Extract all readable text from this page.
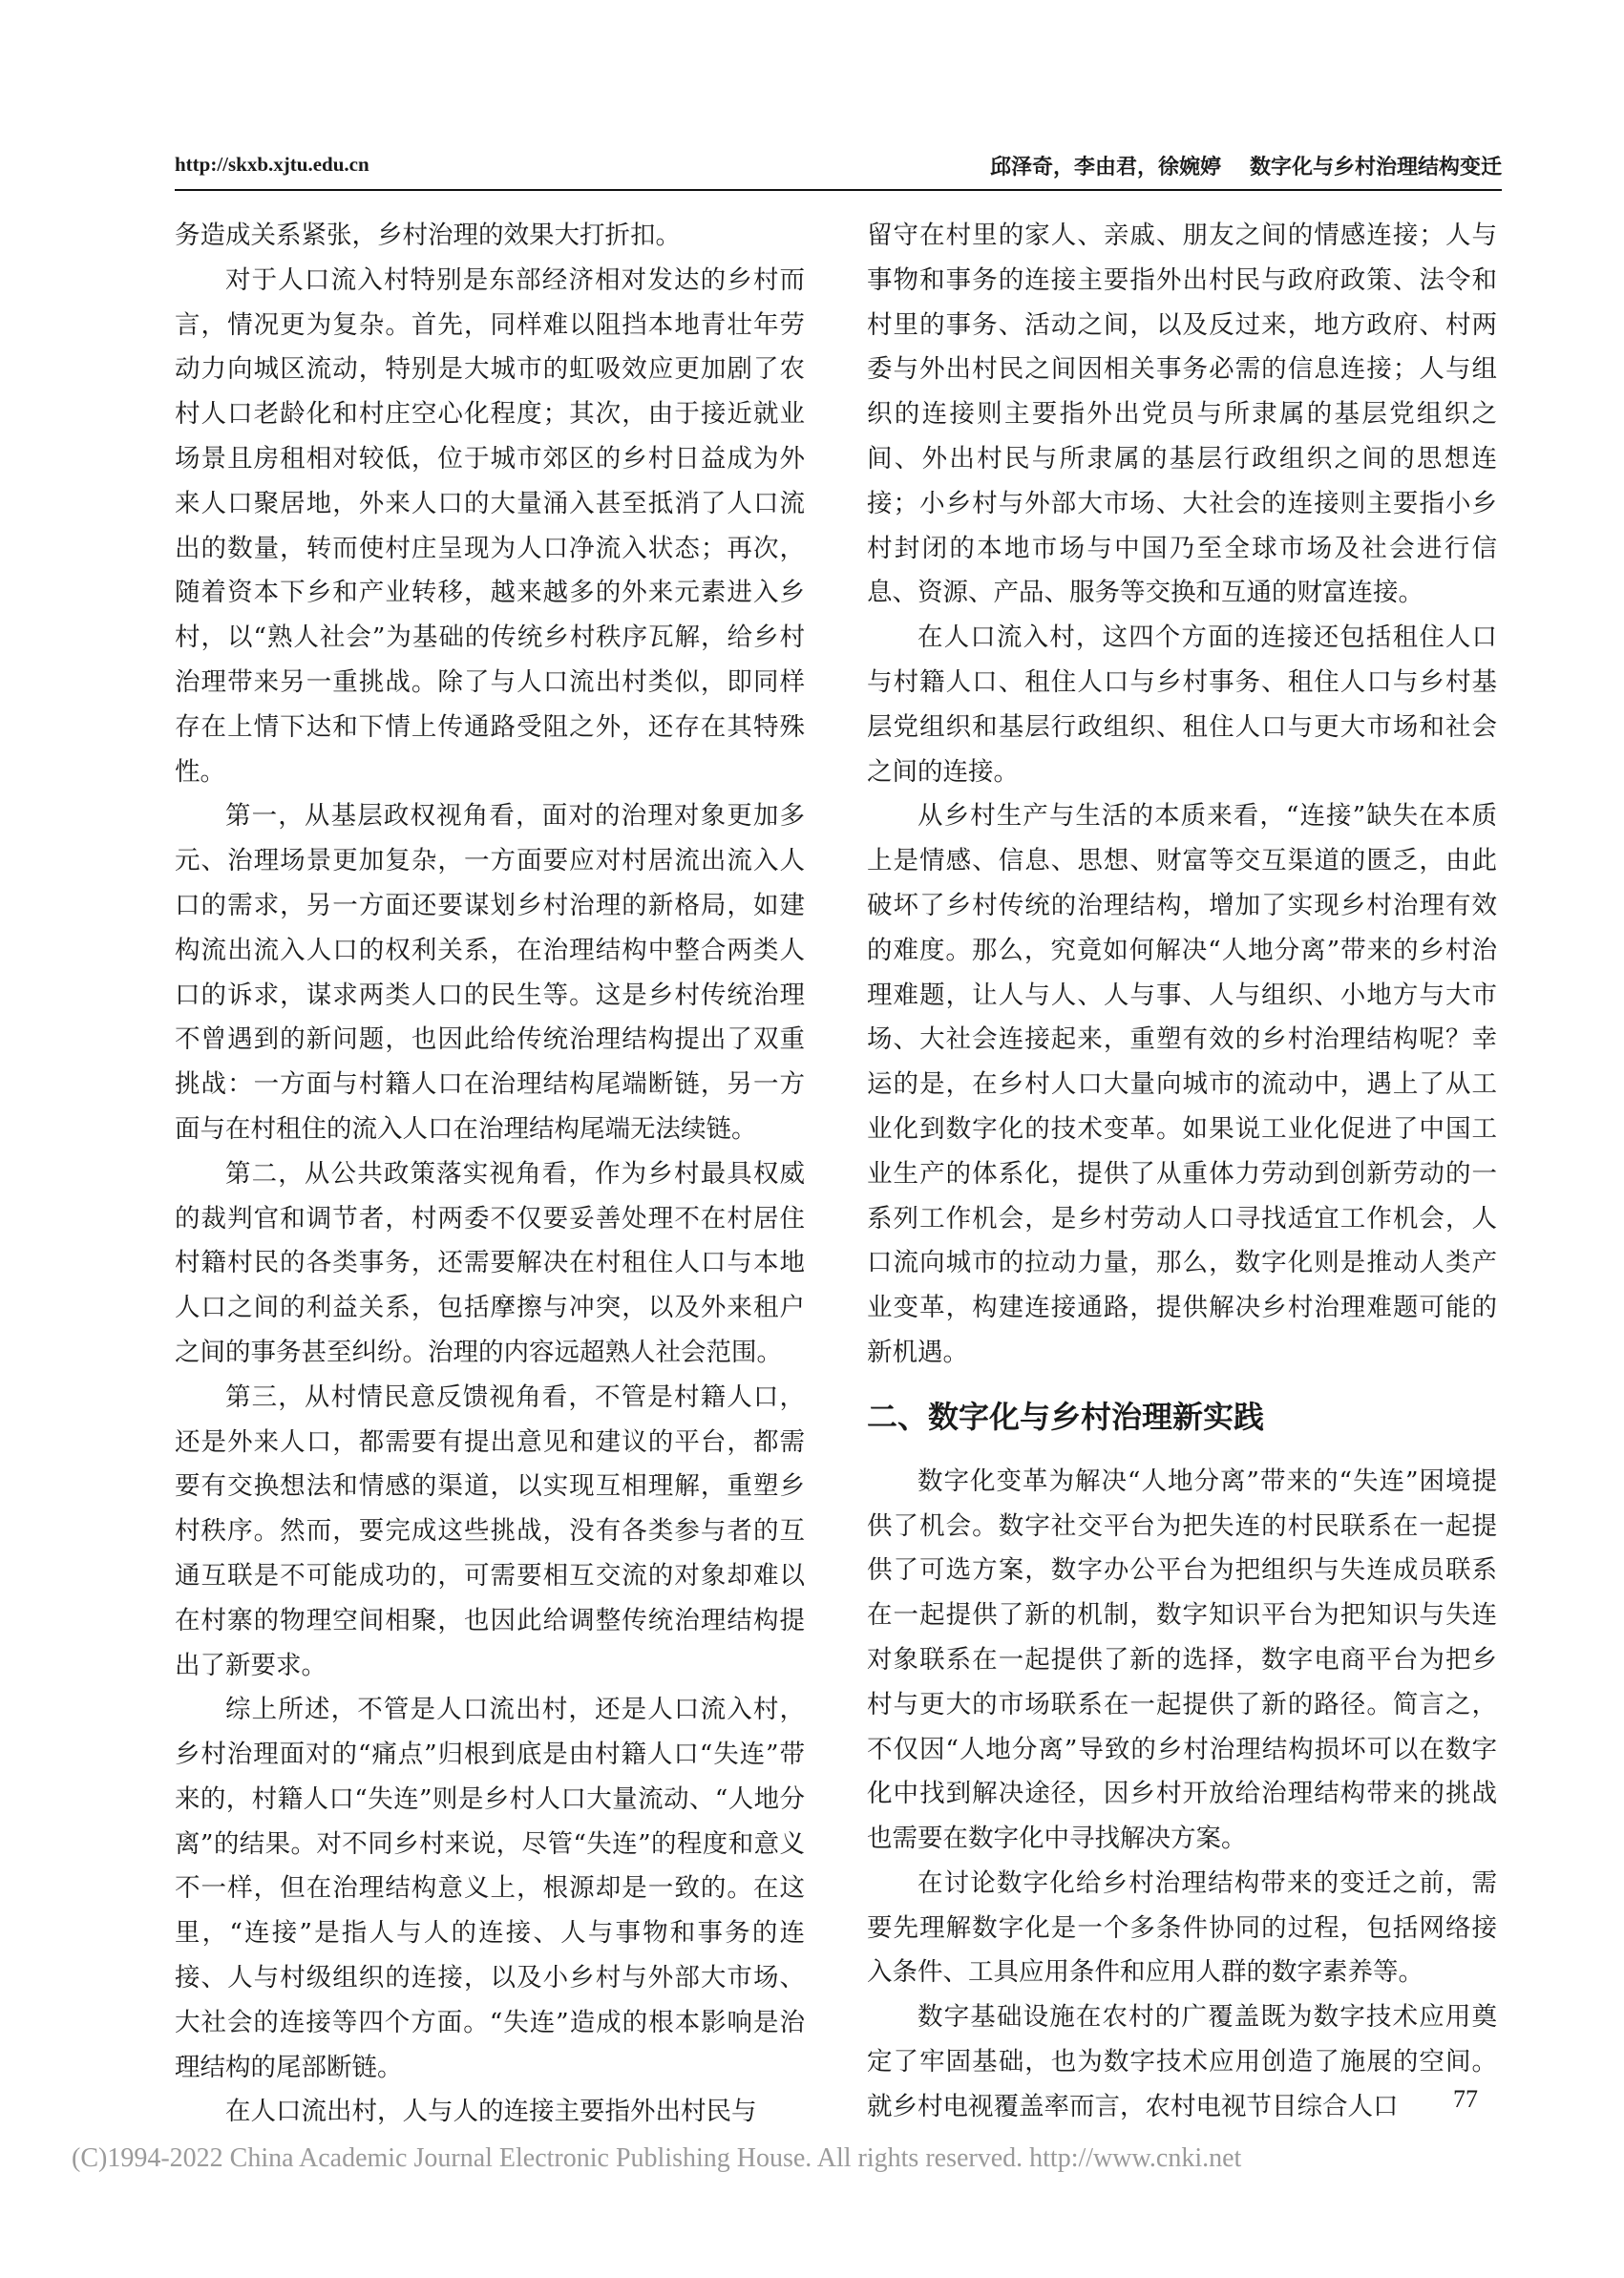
http://skxb.xjtu.edu.cn	邱泽奇，李由君，徐婉婷 数字化与乡村治理结构变迁

务造成关系紧张，乡村治理的效果大打折扣。

对于人口流入村特别是东部经济相对发达的乡村而言，情况更为复杂。首先，同样难以阻挡本地青壮年劳动力向城区流动，特别是大城市的虹吸效应更加剧了农村人口老龄化和村庄空心化程度；其次，由于接近就业场景且房租相对较低，位于城市郊区的乡村日益成为外来人口聚居地，外来人口的大量涌入甚至抵消了人口流出的数量，转而使村庄呈现为人口净流入状态；再次，随着资本下乡和产业转移，越来越多的外来元素进入乡村，以“熟人社会”为基础的传统乡村秩序瓦解，给乡村治理带来另一重挑战。除了与人口流出村类似，即同样存在上情下达和下情上传通路受阻之外，还存在其特殊性。

第一，从基层政权视角看，面对的治理对象更加多元、治理场景更加复杂，一方面要应对村居流出流入人口的需求，另一方面还要谋划乡村治理的新格局，如建构流出流入人口的权利关系，在治理结构中整合两类人口的诉求，谋求两类人口的民生等。这是乡村传统治理不曾遇到的新问题，也因此给传统治理结构提出了双重挑战：一方面与村籍人口在治理结构尾端断链，另一方面与在村租住的流入人口在治理结构尾端无法续链。

第二，从公共政策落实视角看，作为乡村最具权威的裁判官和调节者，村两委不仅要妥善处理不在村居住村籍村民的各类事务，还需要解决在村租住人口与本地人口之间的利益关系，包括摩擦与冲突，以及外来租户之间的事务甚至纠纷。治理的内容远超熟人社会范围。

第三，从村情民意反馈视角看，不管是村籍人口，还是外来人口，都需要有提出意见和建议的平台，都需要有交换想法和情感的渠道，以实现互相理解，重塑乡村秩序。然而，要完成这些挑战，没有各类参与者的互通互联是不可能成功的，可需要相互交流的对象却难以在村寨的物理空间相聚，也因此给调整传统治理结构提出了新要求。

综上所述，不管是人口流出村，还是人口流入村，乡村治理面对的“痛点”归根到底是由村籍人口“失连”带来的，村籍人口“失连”则是乡村人口大量流动、“人地分离”的结果。对不同乡村来说，尽管“失连”的程度和意义不一样，但在治理结构意义上，根源却是一致的。在这里，“连接”是指人与人的连接、人与事物和事务的连接、人与村级组织的连接，以及小乡村与外部大市场、大社会的连接等四个方面。“失连”造成的根本影响是治理结构的尾部断链。

在人口流出村，人与人的连接主要指外出村民与

留守在村里的家人、亲戚、朋友之间的情感连接；人与事物和事务的连接主要指外出村民与政府政策、法令和村里的事务、活动之间，以及反过来，地方政府、村两委与外出村民之间因相关事务必需的信息连接；人与组织的连接则主要指外出党员与所隶属的基层党组织之间、外出村民与所隶属的基层行政组织之间的思想连接；小乡村与外部大市场、大社会的连接则主要指小乡村封闭的本地市场与中国乃至全球市场及社会进行信息、资源、产品、服务等交换和互通的财富连接。

在人口流入村，这四个方面的连接还包括租住人口与村籍人口、租住人口与乡村事务、租住人口与乡村基层党组织和基层行政组织、租住人口与更大市场和社会之间的连接。

从乡村生产与生活的本质来看，“连接”缺失在本质上是情感、信息、思想、财富等交互渠道的匮乏，由此破坏了乡村传统的治理结构，增加了实现乡村治理有效的难度。那么，究竟如何解决“人地分离”带来的乡村治理难题，让人与人、人与事、人与组织、小地方与大市场、大社会连接起来，重塑有效的乡村治理结构呢？幸运的是，在乡村人口大量向城市的流动中，遇上了从工业化到数字化的技术变革。如果说工业化促进了中国工业生产的体系化，提供了从重体力劳动到创新劳动的一系列工作机会，是乡村劳动人口寻找适宜工作机会，人口流向城市的拉动力量，那么，数字化则是推动人类产业变革，构建连接通路，提供解决乡村治理难题可能的新机遇。

二、数字化与乡村治理新实践

数字化变革为解决“人地分离”带来的“失连”困境提供了机会。数字社交平台为把失连的村民联系在一起提供了可选方案，数字办公平台为把组织与失连成员联系在一起提供了新的机制，数字知识平台为把知识与失连对象联系在一起提供了新的选择，数字电商平台为把乡村与更大的市场联系在一起提供了新的路径。简言之，不仅因“人地分离”导致的乡村治理结构损坏可以在数字化中找到解决途径，因乡村开放给治理结构带来的挑战也需要在数字化中寻找解决方案。

在讨论数字化给乡村治理结构带来的变迁之前，需要先理解数字化是一个多条件协同的过程，包括网络接入条件、工具应用条件和应用人群的数字素养等。

数字基础设施在农村的广覆盖既为数字技术应用奠定了牢固基础，也为数字技术应用创造了施展的空间。就乡村电视覆盖率而言，农村电视节目综合人口	77
(C)1994-2022 China Academic Journal Electronic Publishing House. All rights reserved. http://www.cnki.net
